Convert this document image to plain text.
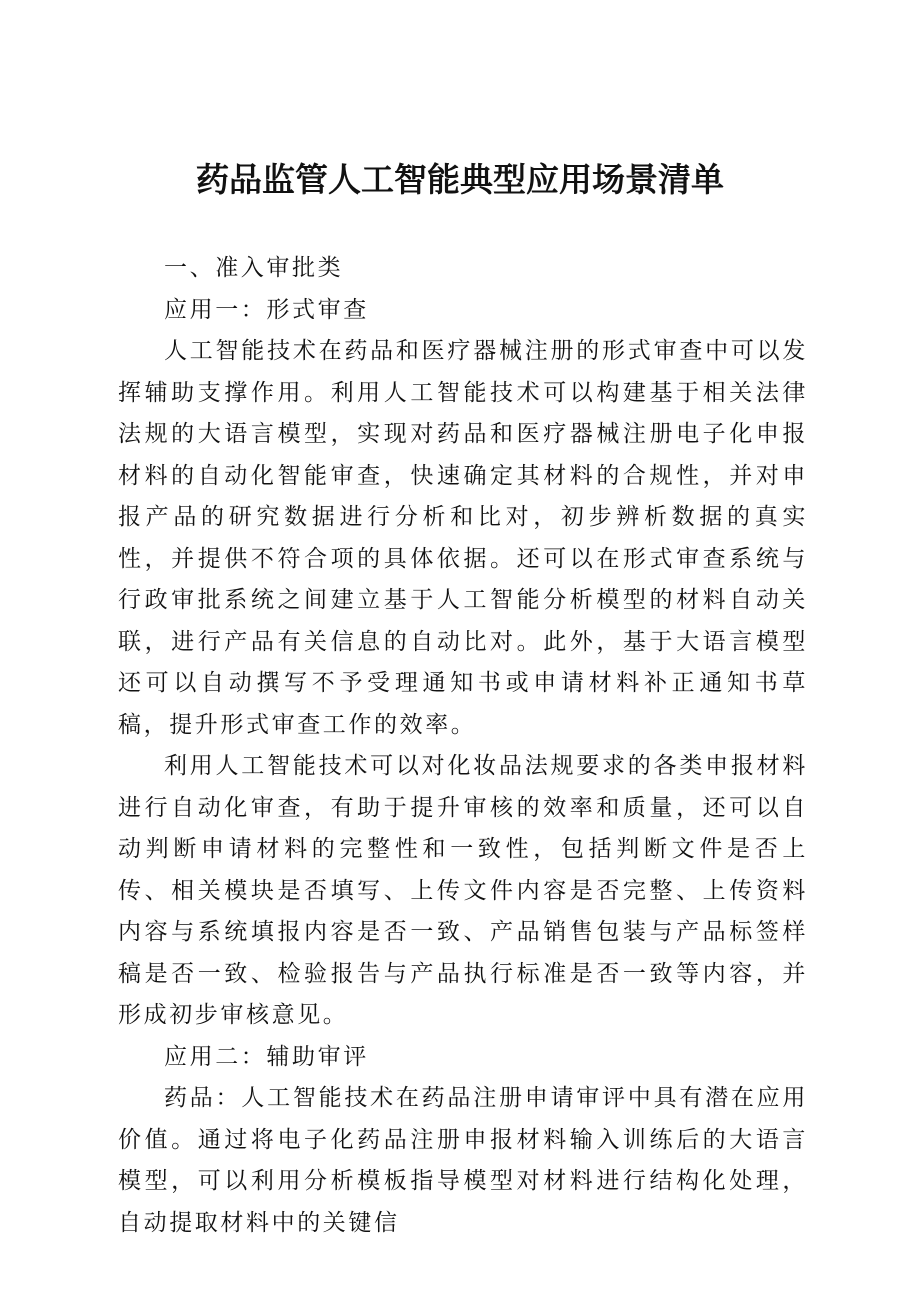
药品监管人工智能典型应用场景清单

一、准入审批类

应用一：形式审查

人工智能技术在药品和医疗器械注册的形式审查中可以发挥辅助支撑作用。利用人工智能技术可以构建基于相关法律法规的大语言模型，实现对药品和医疗器械注册电子化申报材料的自动化智能审查，快速确定其材料的合规性，并对申报产品的研究数据进行分析和比对，初步辨析数据的真实性，并提供不符合项的具体依据。还可以在形式审查系统与行政审批系统之间建立基于人工智能分析模型的材料自动关联，进行产品有关信息的自动比对。此外，基于大语言模型还可以自动撰写不予受理通知书或申请材料补正通知书草稿，提升形式审查工作的效率。

利用人工智能技术可以对化妆品法规要求的各类申报材料进行自动化审查，有助于提升审核的效率和质量，还可以自动判断申请材料的完整性和一致性，包括判断文件是否上传、相关模块是否填写、上传文件内容是否完整、上传资料内容与系统填报内容是否一致、产品销售包装与产品标签样稿是否一致、检验报告与产品执行标准是否一致等内容，并形成初步审核意见。

应用二：辅助审评

药品：人工智能技术在药品注册申请审评中具有潜在应用价值。通过将电子化药品注册申报材料输入训练后的大语言模型，可以利用分析模板指导模型对材料进行结构化处理，自动提取材料中的关键信
